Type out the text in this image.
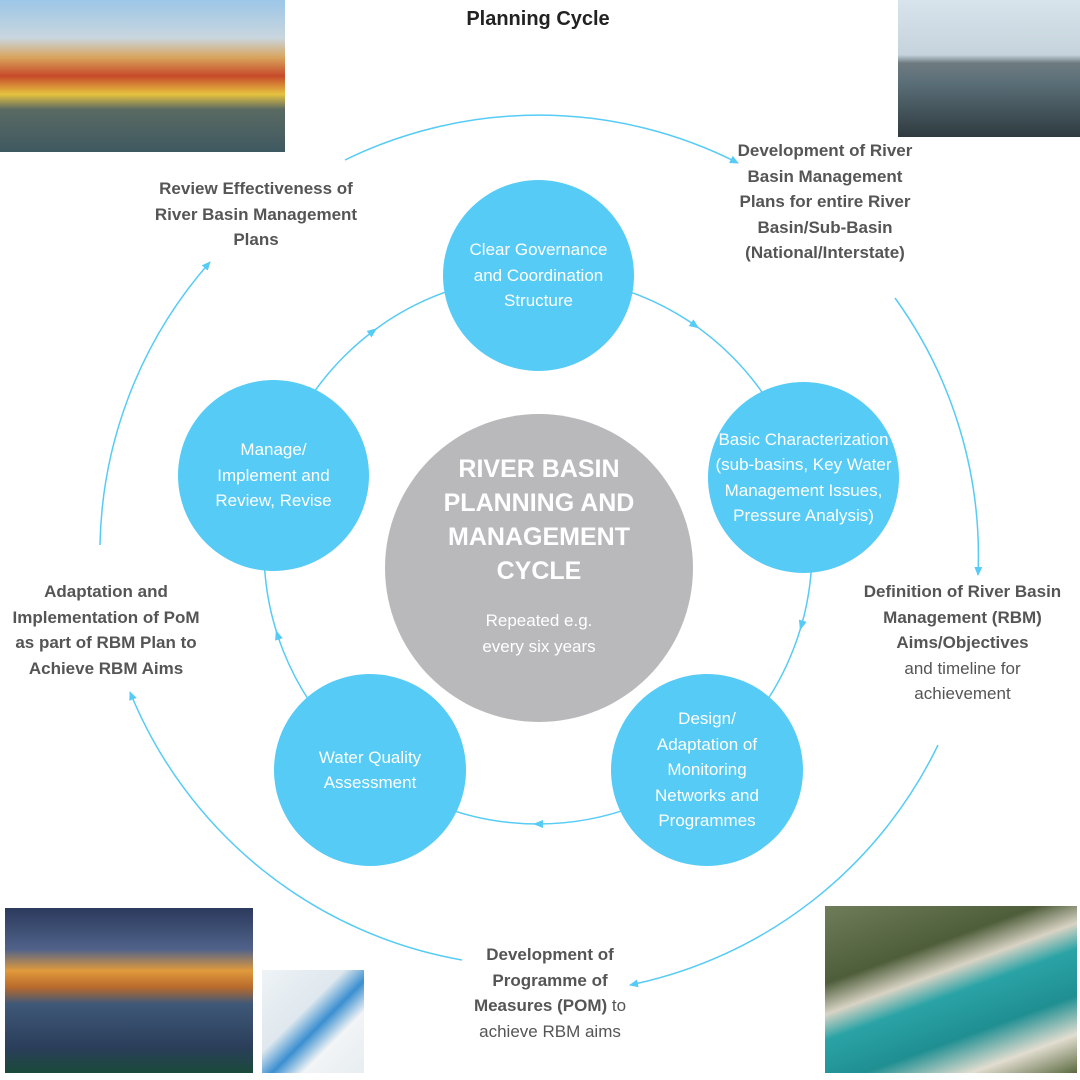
Planning Cycle
Clear Governance and Coordination Structure
Basic Characterization (sub-basins, Key Water Management Issues, Pressure Analysis)
Design/ Adaptation of Monitoring Networks and Programmes
Water Quality Assessment
Manage/ Implement and Review, Revise
RIVER BASIN PLANNING AND MANAGEMENT CYCLE
Repeated e.g. every six years
Development of River Basin Management Plans for entire River Basin/Sub-Basin (National/Interstate)
Definition of River Basin Management (RBM) Aims/Objectives and timeline for achievement
Development of Programme of Measures (POM) to achieve RBM aims
Adaptation and Implementation of PoM as part of RBM Plan to Achieve RBM Aims
Review Effectiveness of River Basin Management Plans
